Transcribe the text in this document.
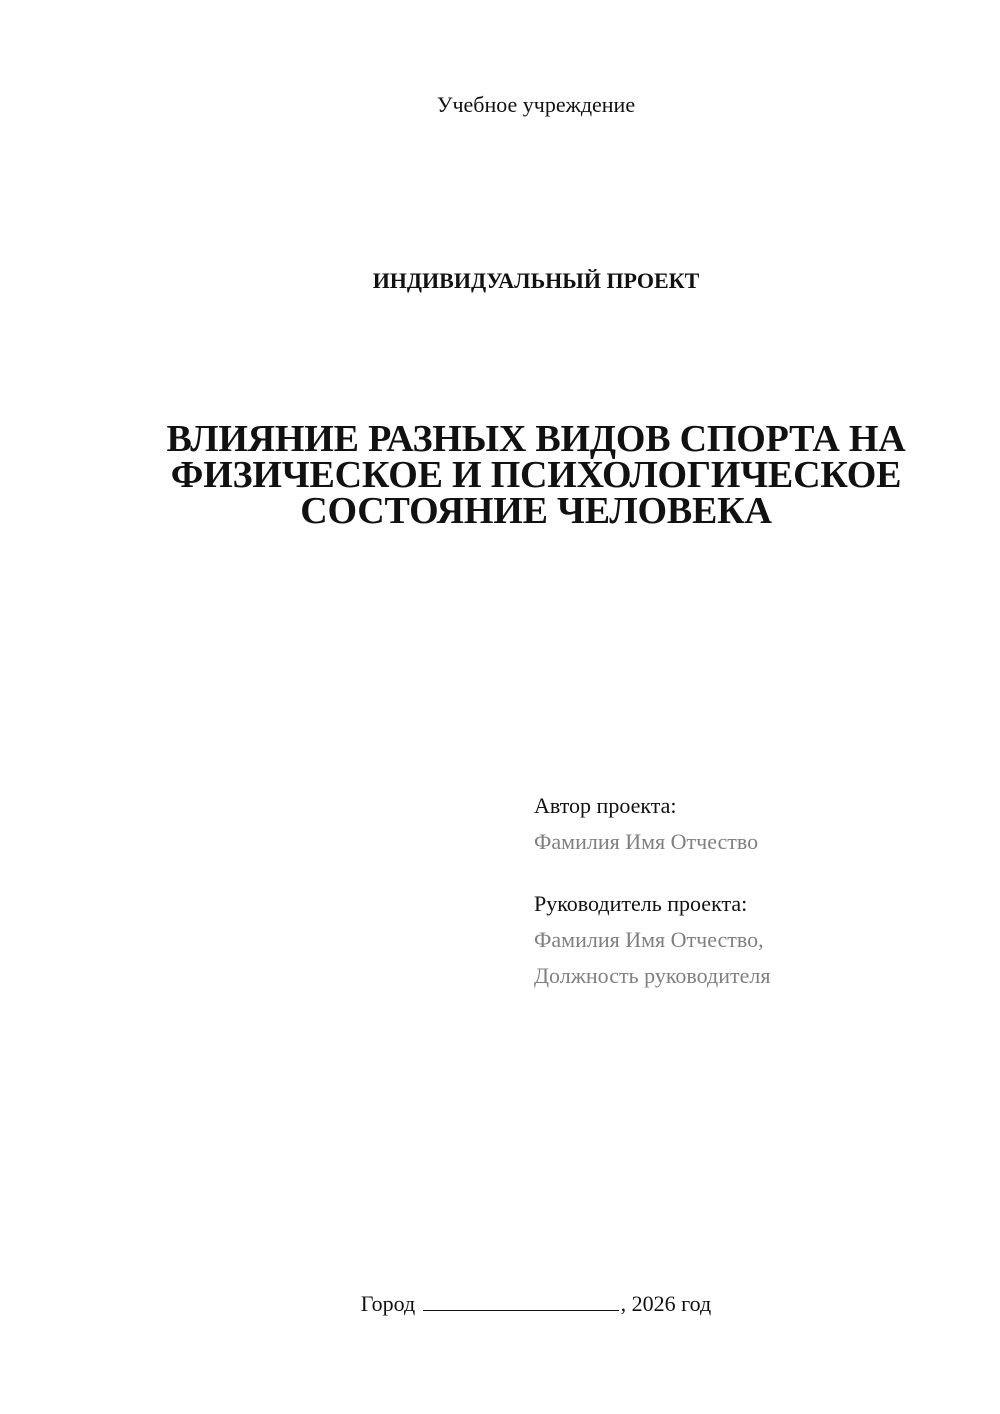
Учебное учреждение
ИНДИВИДУАЛЬНЫЙ ПРОЕКТ
ВЛИЯНИЕ РАЗНЫХ ВИДОВ СПОРТА НА
ФИЗИЧЕСКОЕ И ПСИХОЛОГИЧЕСКОЕ
СОСТОЯНИЕ ЧЕЛОВЕКА
Автор проекта:
Фамилия Имя Отчество
Руководитель проекта:
Фамилия Имя Отчество,
Должность руководителя
Город	, 2026 год
